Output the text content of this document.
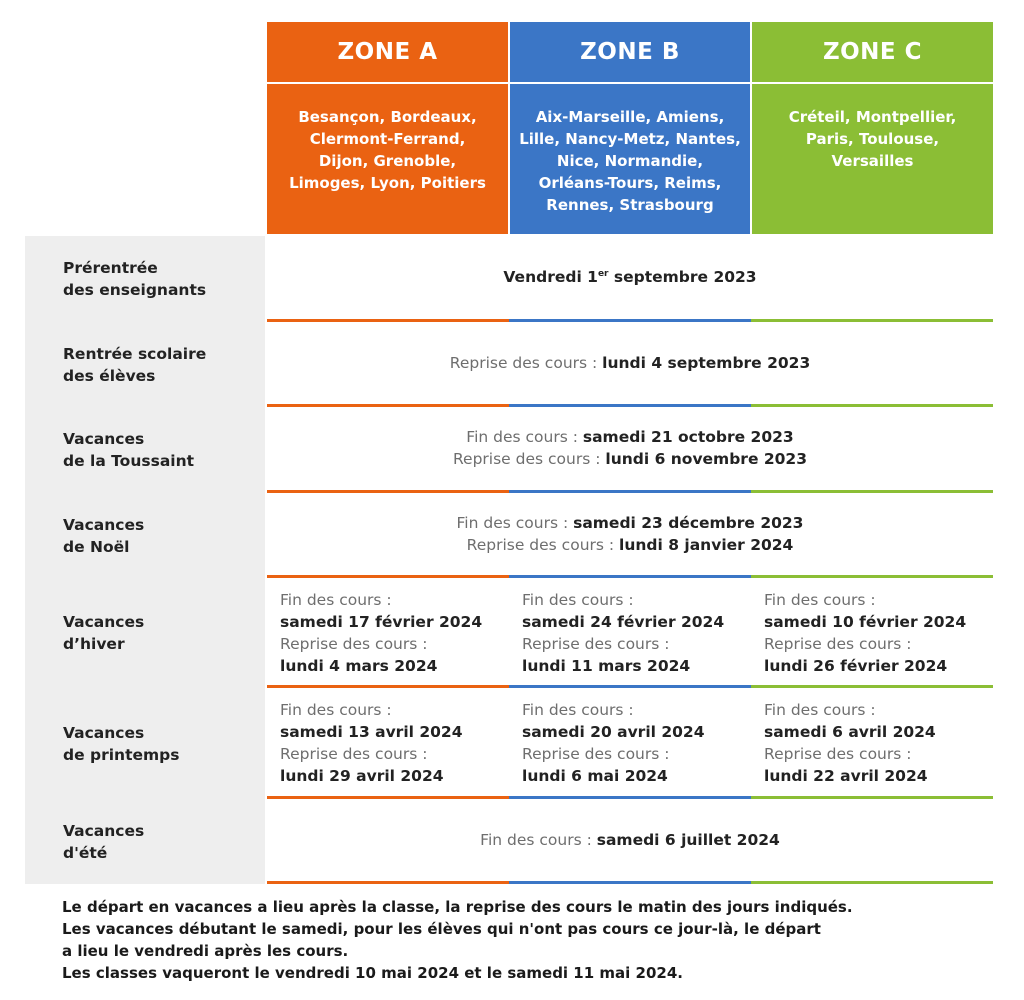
ZONE A	ZONE B	ZONE C
Besançon, Bordeaux,
Clermont-Ferrand,
Dijon, Grenoble,
Limoges, Lyon, Poitiers
Aix-Marseille, Amiens,
Lille, Nancy-Metz, Nantes,
Nice, Normandie,
Orléans-Tours, Reims,
Rennes, Strasbourg
Créteil, Montpellier,
Paris, Toulouse,
Versailles
Prérentrée
des enseignants
Vendredi 1er septembre 2023
Rentrée scolaire
des élèves
Reprise des cours : lundi 4 septembre 2023
Vacances
de la Toussaint
Fin des cours : samedi 21 octobre 2023
Reprise des cours : lundi 6 novembre 2023
Vacances
de Noël
Fin des cours : samedi 23 décembre 2023
Reprise des cours : lundi 8 janvier 2024
Vacances
d’hiver
Fin des cours :
samedi 17 février 2024
Reprise des cours :
lundi 4 mars 2024
Fin des cours :
samedi 24 février 2024
Reprise des cours :
lundi 11 mars 2024
Fin des cours :
samedi 10 février 2024
Reprise des cours :
lundi 26 février 2024
Vacances
de printemps
Fin des cours :
samedi 13 avril 2024
Reprise des cours :
lundi 29 avril 2024
Fin des cours :
samedi 20 avril 2024
Reprise des cours :
lundi 6 mai 2024
Fin des cours :
samedi 6 avril 2024
Reprise des cours :
lundi 22 avril 2024
Vacances
d'été
Fin des cours : samedi 6 juillet 2024
Le départ en vacances a lieu après la classe, la reprise des cours le matin des jours indiqués.
Les vacances débutant le samedi, pour les élèves qui n'ont pas cours ce jour-là, le départ
a lieu le vendredi après les cours.
Les classes vaqueront le vendredi 10 mai 2024 et le samedi 11 mai 2024.
